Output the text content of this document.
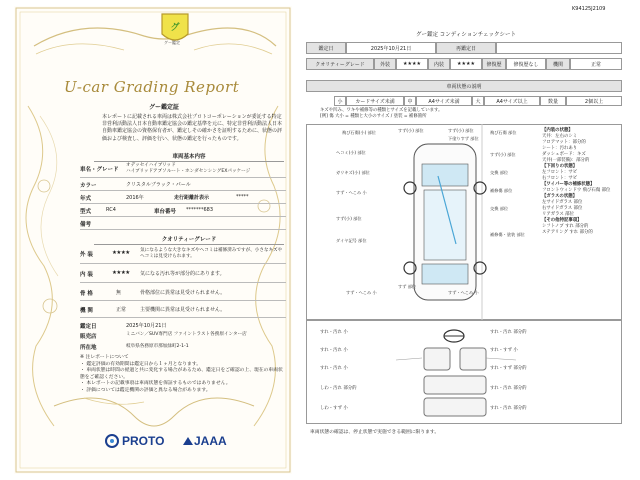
グ
グー鑑定
U-car Grading Report
グー鑑定証
本レポートに記載される車両は株式会社プロトコーポレーションが委託する特定非営利活動法人日本自動車鑑定協会の鑑定基準を元に、特定非営利活動法人日本自動車鑑定協会の資格保有者が、鑑定しその確かさを証明するために、状態の評価および検査し、評価を行い、状態の鑑定を行ったものです。
車両基本内容
車名・グレード
オデッセイハイブリッド
ハイブリッドアブソルート・ホンダセンシングEXパッケージ
カラー	クリスタルブラック・パール
年式	2016年	走行距離計表示	*****
型式	RC4	車台番号 *******683
備考
クオリティーグレード
外 装	★★★★ 気になるような大きなキズやヘコミは補修済みですが、小さなキズやヘコミは見受けられます。
内 装	★★★★ 気になる汚れ等が部分的にあります。
骨 格	無	骨格部位に異常は見受けられません。
機 関	正常	主要機関に異常は見受けられません。
鑑定日	2025年10月21日
販売店	ミニバン／SUV専門店 ファイントラスト各務原インター店
所在地	岐阜県各務原市那加緑町2-1-1
※ 注レポートについて
・ 鑑定評価の有効期間は鑑定日から１ヶ月となります。
・ 車両状態は時間の経過と共に変化する場合があるため、鑑定日をご確認の上、現在の車両状態をご確認ください。
・ 本レポートの記載事項は車両状態を保証するものではありません。
・ 評価については鑑定機関の評価と異なる場合があります。
PROTO JAAA
K94125J2109
グー鑑定 コンディションチェックシート
鑑定日	2025年10月21日	再鑑定日
クオリティーグレード	外装	★★★★	内装	★★★★	修復歴	修復歴なし	機関	正常
車両状態の説明
小	カードサイズ未満	中	A4サイズ未満	大	A4サイズ以上	数量	2個以上
キズや凹み、ワキや補修等の種類とサイズを記載しています。
[例] 傷 大小 = 種類と大小のサイズ / 塗装 = 補修箇所
飛び石傷(小) 部位	すず(小) 部位	すず(小) 部位
下塗りすず 部位
飛び石傷 部位
ヘコミ(小) 部位	すず(小) 部位
ガリキズ(小) 部位	交換 部位
すず・へこみ 小	補修傷 部位
交換 部位
すず(小) 部位
ダイヤ記号 部位
補修傷・塗装 部位
すず・へこみ 小
すず 部位
すず・へこみ 小
【内装の状態】
天井：左右のシミ
フロアマット：部分的
シート：汚れあり
ダッシュボード：キズ
天井(一部装備)：部分的
【下回りの状態】
左フロント：サビ
右フロント：サビ
【ワイパー等の補修状態】
フロントウィンドウ 飛び石傷 部位
【ガラスの状態】
左サイドガラス 部位
右サイドガラス 部位
リアガラス 部位
【その他特記事項】
シフトノブ すれ 部分的
ステアリング すれ 部分的
すれ・汚れ 小	すれ・汚れ 部分的
すれ・汚れ 小	すれ・すず 小
すれ・汚れ 小	すれ・すず 部分的
しわ・汚れ 部分的	すれ・汚れ 部分的
しわ・すず 小	すれ・汚れ 部分的
車両状態の確認は、停止状態で実施できる範囲に限ります。
